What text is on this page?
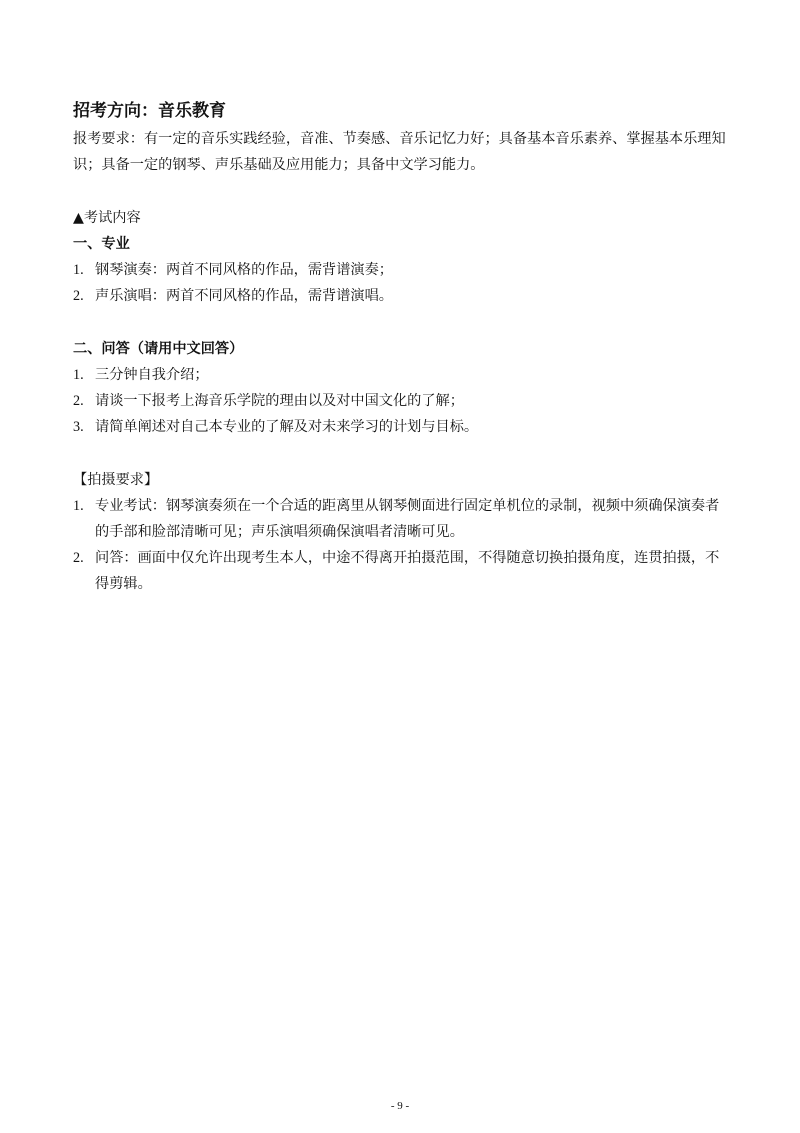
招考方向：音乐教育

报考要求：有一定的音乐实践经验，音准、节奏感、音乐记忆力好；具备基本音乐素养、掌握基本乐理知识；具备一定的钢琴、声乐基础及应用能力；具备中文学习能力。

▲考试内容

一、专业

1. 钢琴演奏：两首不同风格的作品，需背谱演奏；
2. 声乐演唱：两首不同风格的作品，需背谱演唱。

二、问答（请用中文回答）

1. 三分钟自我介绍；
2. 请谈一下报考上海音乐学院的理由以及对中国文化的了解；
3. 请简单阐述对自己本专业的了解及对未来学习的计划与目标。

【拍摄要求】

1. 专业考试：钢琴演奏须在一个合适的距离里从钢琴侧面进行固定单机位的录制，视频中须确保演奏者的手部和脸部清晰可见；声乐演唱须确保演唱者清晰可见。
2. 问答：画面中仅允许出现考生本人，中途不得离开拍摄范围，不得随意切换拍摄角度，连贯拍摄，不得剪辑。
- 9 -
